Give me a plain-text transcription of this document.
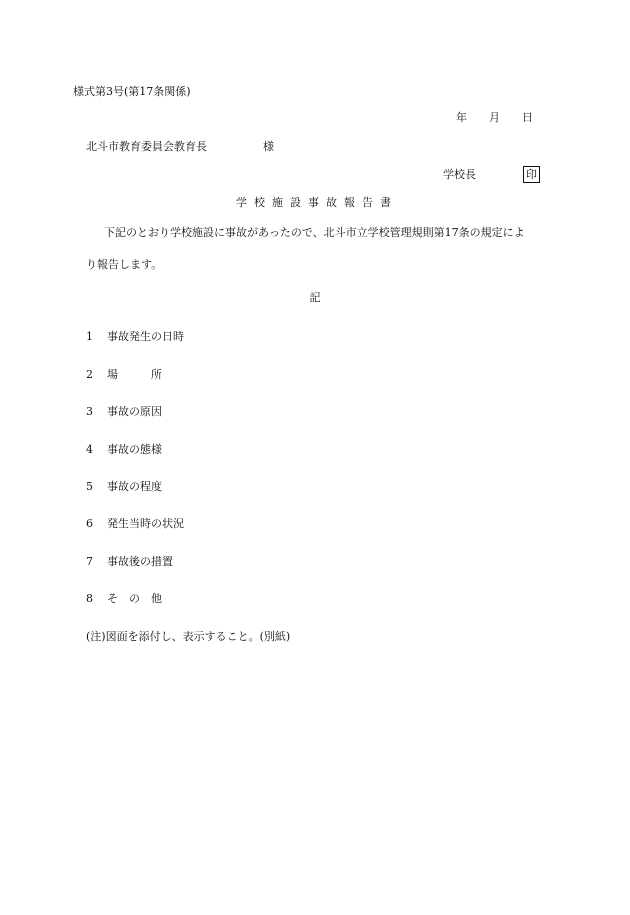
様式第3号(第17条関係)
年 月 日
北斗市教育委員会教育長	様
学校長	印
学校施設事故報告書
下記のとおり学校施設に事故があったので、北斗市立学校管理規則第17条の規定によ
り報告します。
記
1 事故発生の日時
2 場　　　所
3 事故の原因
4 事故の態様
5 事故の程度
6 発生当時の状況
7 事故後の措置
8 そ　の　他
(注)図面を添付し、表示すること。(別紙)
